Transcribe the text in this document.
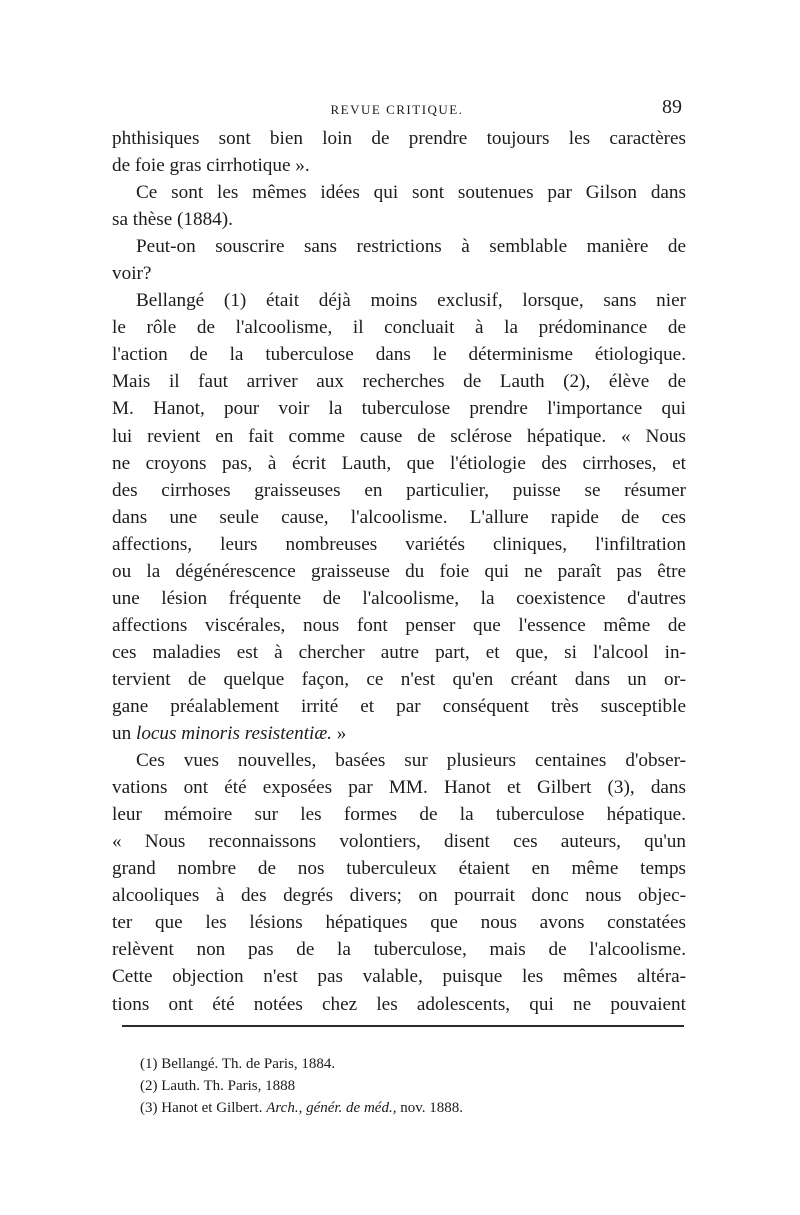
REVUE CRITIQUE.	89
phthisiques sont bien loin de prendre toujours les caractères
de foie gras cirrhotique ».
Ce sont les mêmes idées qui sont soutenues par Gilson dans
sa thèse (1884).
Peut-on souscrire sans restrictions à semblable manière de
voir?
Bellangé (1) était déjà moins exclusif, lorsque, sans nier
le rôle de l'alcoolisme, il concluait à la prédominance de
l'action de la tuberculose dans le déterminisme étiologique.
Mais il faut arriver aux recherches de Lauth (2), élève de
M. Hanot, pour voir la tuberculose prendre l'importance qui
lui revient en fait comme cause de sclérose hépatique. « Nous
ne croyons pas, à écrit Lauth, que l'étiologie des cirrhoses, et
des cirrhoses graisseuses en particulier, puisse se résumer
dans une seule cause, l'alcoolisme. L'allure rapide de ces
affections, leurs nombreuses variétés cliniques, l'infiltration
ou la dégénérescence graisseuse du foie qui ne paraît pas être
une lésion fréquente de l'alcoolisme, la coexistence d'autres
affections viscérales, nous font penser que l'essence même de
ces maladies est à chercher autre part, et que, si l'alcool in-
tervient de quelque façon, ce n'est qu'en créant dans un or-
gane préalablement irrité et par conséquent très susceptible
un locus minoris resistentiæ. »
Ces vues nouvelles, basées sur plusieurs centaines d'obser-
vations ont été exposées par MM. Hanot et Gilbert (3), dans
leur mémoire sur les formes de la tuberculose hépatique.
« Nous reconnaissons volontiers, disent ces auteurs, qu'un
grand nombre de nos tuberculeux étaient en même temps
alcooliques à des degrés divers; on pourrait donc nous objec-
ter que les lésions hépatiques que nous avons constatées
relèvent non pas de la tuberculose, mais de l'alcoolisme.
Cette objection n'est pas valable, puisque les mêmes altéra-
tions ont été notées chez les adolescents, qui ne pouvaient
(1) Bellangé. Th. de Paris, 1884.
(2) Lauth. Th. Paris, 1888
(3) Hanot et Gilbert. Arch., génér. de méd., nov. 1888.
